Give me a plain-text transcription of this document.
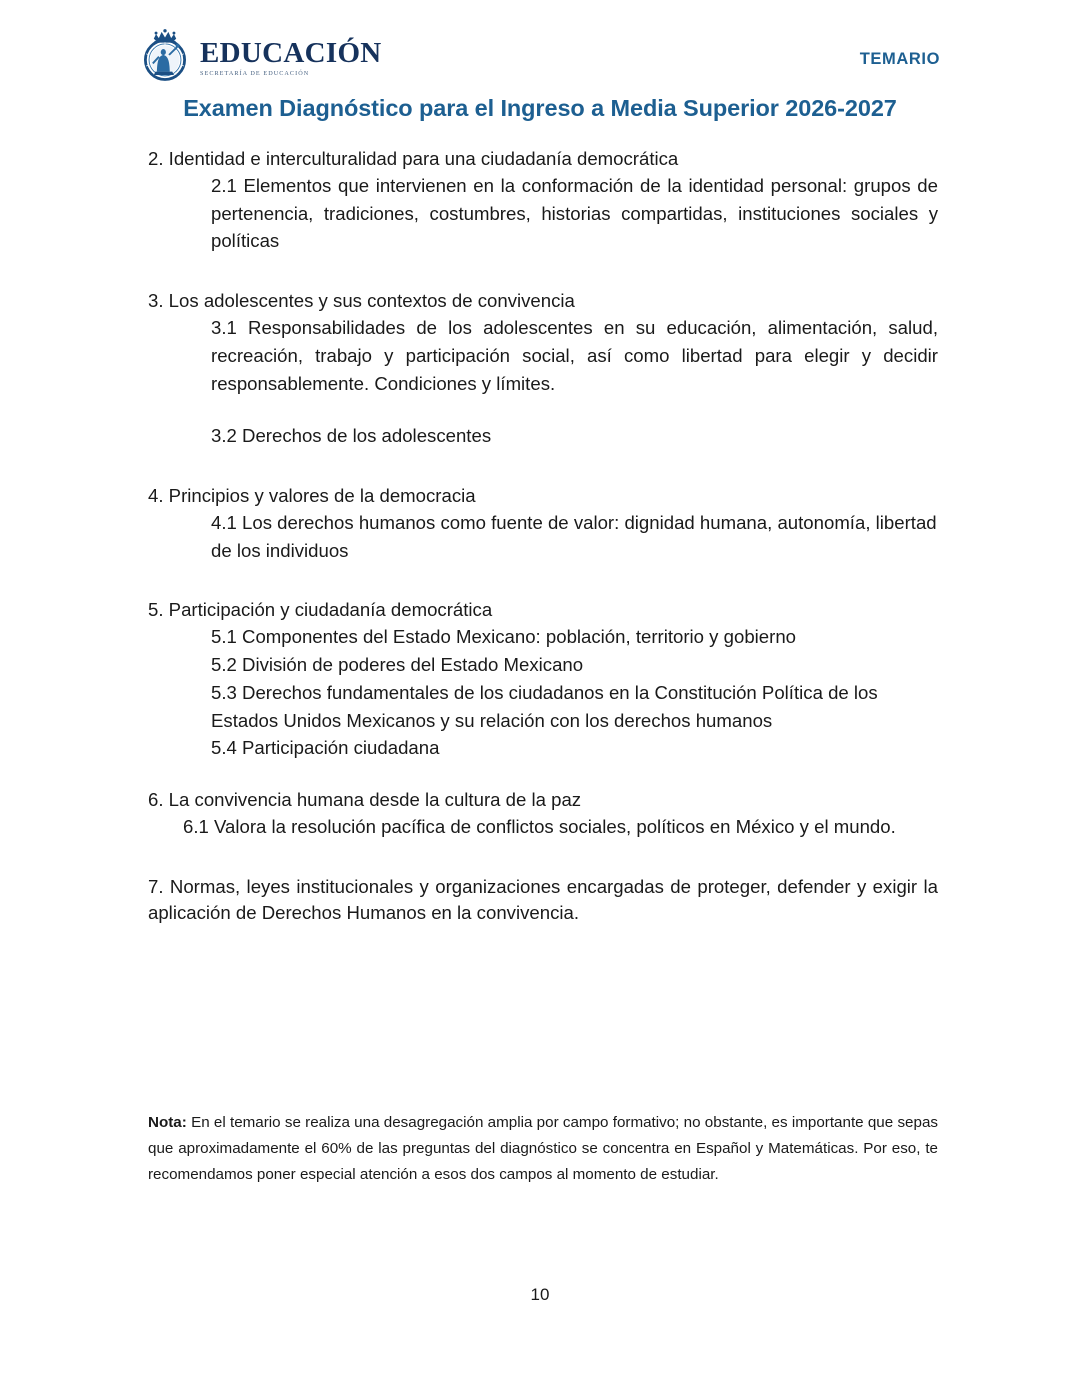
EDUCACIÓN
SECRETARÍA DE EDUCACIÓN
TEMARIO
Examen Diagnóstico para el Ingreso a Media Superior 2026-2027

2. Identidad e interculturalidad para una ciudadanía democrática

2.1 Elementos que intervienen en la conformación de la identidad personal: grupos de pertenencia, tradiciones, costumbres, historias compartidas, instituciones sociales y políticas

3. Los adolescentes y sus contextos de convivencia

3.1 Responsabilidades de los adolescentes en su educación, alimentación, salud, recreación, trabajo y participación social, así como libertad para elegir y decidir responsablemente. Condiciones y límites.

3.2 Derechos de los adolescentes

4. Principios y valores de la democracia

4.1 Los derechos humanos como fuente de valor: dignidad humana, autonomía, libertad de los individuos

5. Participación y ciudadanía democrática

5.1 Componentes del Estado Mexicano: población, territorio y gobierno

5.2 División de poderes del Estado Mexicano

5.3 Derechos fundamentales de los ciudadanos en la Constitución Política de los Estados Unidos Mexicanos y su relación con los derechos humanos

5.4 Participación ciudadana

6. La convivencia humana desde la cultura de la paz

6.1 Valora la resolución pacífica de conflictos sociales, políticos en México y el mundo.

7. Normas, leyes institucionales y organizaciones encargadas de proteger, defender y exigir la aplicación de Derechos Humanos en la convivencia.

Nota: En el temario se realiza una desagregación amplia por campo formativo; no obstante, es importante que sepas que aproximadamente el 60% de las preguntas del diagnóstico se concentra en Español y Matemáticas. Por eso, te recomendamos poner especial atención a esos dos campos al momento de estudiar.

10
